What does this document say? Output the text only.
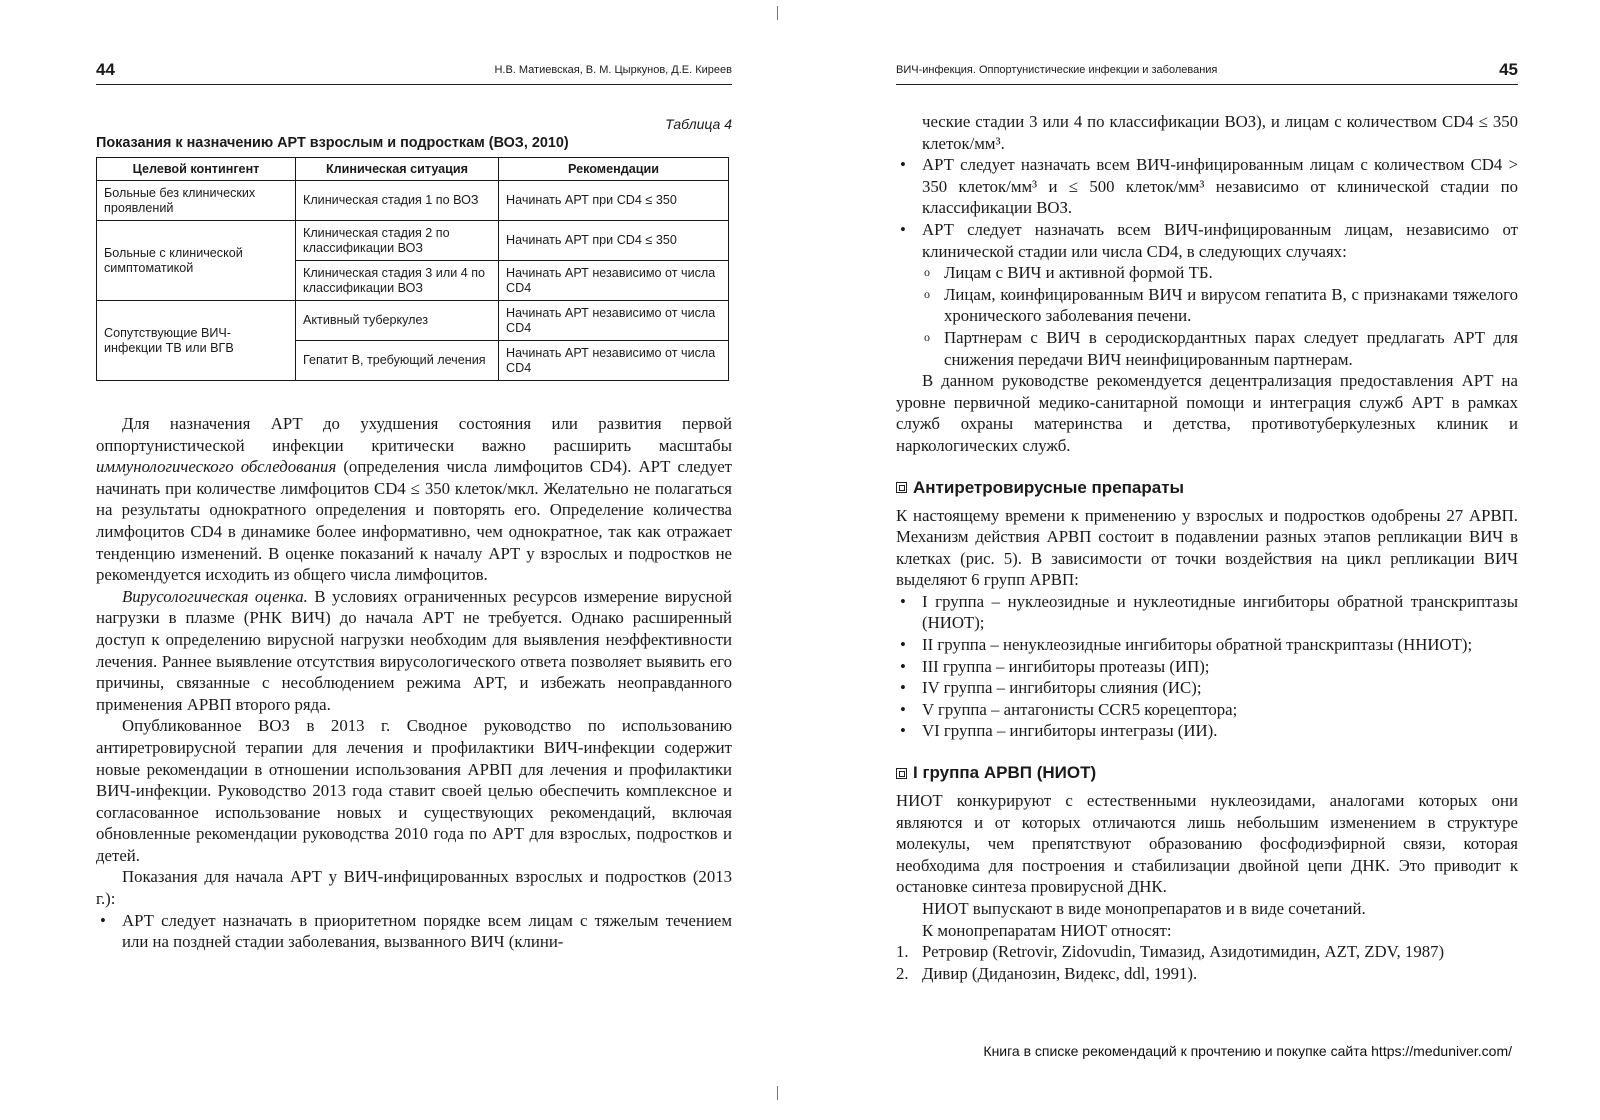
44	Н.В. Матиевская, В. М. Цыркунов, Д.Е. Киреев
Таблица 4
Показания к назначению АРТ взрослым и подросткам (ВОЗ, 2010)
Целевой контингент	Клиническая ситуация	Рекомендации
Больные без клинических проявлений	Клиническая стадия 1 по ВОЗ	Начинать АРТ при CD4 ≤ 350
Больные с клинической симптоматикой	Клиническая стадия 2 по классификации ВОЗ	Начинать АРТ при CD4 ≤ 350
	Клиническая стадия 3 или 4 по классификации ВОЗ	Начинать АРТ независимо от числа CD4
Сопутствующие ВИЧ-инфекции ТВ или ВГВ	Активный туберкулез	Начинать АРТ независимо от числа CD4
	Гепатит В, требующий лечения	Начинать АРТ независимо от числа CD4

Для назначения АРТ до ухудшения состояния или развития первой оппортунистической инфекции критически важно расширить масштабы иммунологического обследования (определения числа лимфоцитов CD4). АРТ следует начинать при количестве лимфоцитов CD4 ≤ 350 клеток/мкл. Желательно не полагаться на результаты однократного определения и повторять его. Определение количества лимфоцитов CD4 в динамике более информативно, чем однократное, так как отражает тенденцию изменений. В оценке показаний к началу АРТ у взрослых и подростков не рекомендуется исходить из общего числа лимфоцитов.

Вирусологическая оценка. В условиях ограниченных ресурсов измерение вирусной нагрузки в плазме (РНК ВИЧ) до начала АРТ не требуется. Однако расширенный доступ к определению вирусной нагрузки необходим для выявления неэффективности лечения. Раннее выявление отсутствия вирусологического ответа позволяет выявить его причины, связанные с несоблюдением режима АРТ, и избежать неоправданного применения АРВП второго ряда.

Опубликованное ВОЗ в 2013 г. Сводное руководство по использованию антиретровирусной терапии для лечения и профилактики ВИЧ-инфекции содержит новые рекомендации в отношении использования АРВП для лечения и профилактики ВИЧ-инфекции. Руководство 2013 года ставит своей целью обеспечить комплексное и согласованное использование новых и существующих рекомендаций, включая обновленные рекомендации руководства 2010 года по АРТ для взрослых, подростков и детей.

Показания для начала АРТ у ВИЧ-инфицированных взрослых и подростков (2013 г.):

• АРТ следует назначать в приоритетном порядке всем лицам с тяжелым течением или на поздней стадии заболевания, вызванного ВИЧ (клини-
ВИЧ-инфекция. Оппортунистические инфекции и заболевания	45

ческие стадии 3 или 4 по классификации ВОЗ), и лицам с количеством CD4 ≤ 350 клеток/мм³.

• АРТ следует назначать всем ВИЧ-инфицированным лицам с количеством CD4 > 350 клеток/мм³ и ≤ 500 клеток/мм³ независимо от клинической стадии по классификации ВОЗ.
• АРТ следует назначать всем ВИЧ-инфицированным лицам, независимо от клинической стадии или числа CD4, в следующих случаях:
o Лицам с ВИЧ и активной формой ТБ.
o Лицам, коинфицированным ВИЧ и вирусом гепатита В, с признаками тяжелого хронического заболевания печени.
o Партнерам с ВИЧ в серодискордантных парах следует предлагать АРТ для снижения передачи ВИЧ неинфицированным партнерам.

В данном руководстве рекомендуется децентрализация предоставления АРТ на уровне первичной медико-санитарной помощи и интеграция служб АРТ в рамках служб охраны материнства и детства, противотуберкулезных клиник и наркологических служб.

Антиретровирусные препараты

К настоящему времени к применению у взрослых и подростков одобрены 27 АРВП. Механизм действия АРВП состоит в подавлении разных этапов репликации ВИЧ в клетках (рис. 5). В зависимости от точки воздействия на цикл репликации ВИЧ выделяют 6 групп АРВП:

• I группа – нуклеозидные и нуклеотидные ингибиторы обратной транскриптазы (НИОТ);
• II группа – ненуклеозидные ингибиторы обратной транскриптазы (ННИОТ);
• III группа – ингибиторы протеазы (ИП);
• IV группа – ингибиторы слияния (ИС);
• V группа – антагонисты CCR5 корецептора;
• VI группа – ингибиторы интегразы (ИИ).
I группа АРВП (НИОТ)

НИОТ конкурируют с естественными нуклеозидами, аналогами которых они являются и от которых отличаются лишь небольшим изменением в структуре молекулы, чем препятствуют образованию фосфодиэфирной связи, которая необходима для построения и стабилизации двойной цепи ДНК. Это приводит к остановке синтеза провирусной ДНК.

НИОТ выпускают в виде монопрепаратов и в виде сочетаний.

К монопрепаратам НИОТ относят:

1. Ретровир (Retrovir, Zidovudin, Тимазид, Азидотимидин, AZT, ZDV, 1987)
2. Дивир (Диданозин, Видекс, ddl, 1991).
Книга в списке рекомендаций к прочтению и покупке сайта https://meduniver.com/
